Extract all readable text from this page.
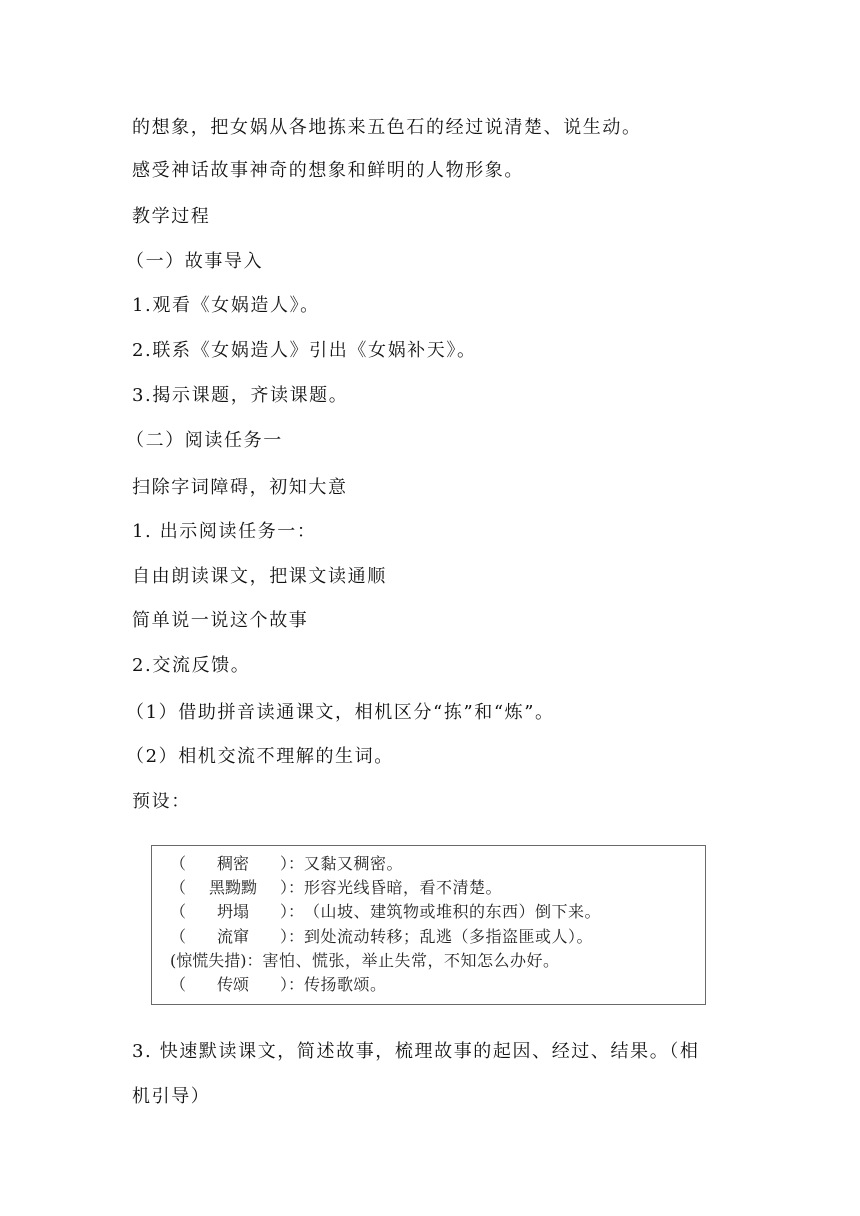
的想象，把女娲从各地拣来五色石的经过说清楚、说生动。
感受神话故事神奇的想象和鲜明的人物形象。
教学过程
（一）故事导入
1.观看《女娲造人》。
2.联系《女娲造人》引出《女娲补天》。
3.揭示课题，齐读课题。
（二）阅读任务一
扫除字词障碍，初知大意
1. 出示阅读任务一：
自由朗读课文，把课文读通顺
简单说一说这个故事
2.交流反馈。
（1）借助拼音读通课文，相机区分“拣”和“炼”。
（2）相机交流不理解的生词。
预设：
（	稠密	）： 又黏又稠密。
（	黑黝黝	）： 形容光线昏暗，看不清楚。
（	坍塌	）： （山坡、建筑物或堆积的东西）倒下来。
（	流窜	）： 到处流动转移；乱逃（多指盗匪或人）。
( 惊慌失措 )： 害怕、慌张，举止失常，不知怎么办好。
（	传颂	）： 传扬歌颂。
3. 快速默读课文，简述故事，梳理故事的起因、经过、结果。（相
机引导）
